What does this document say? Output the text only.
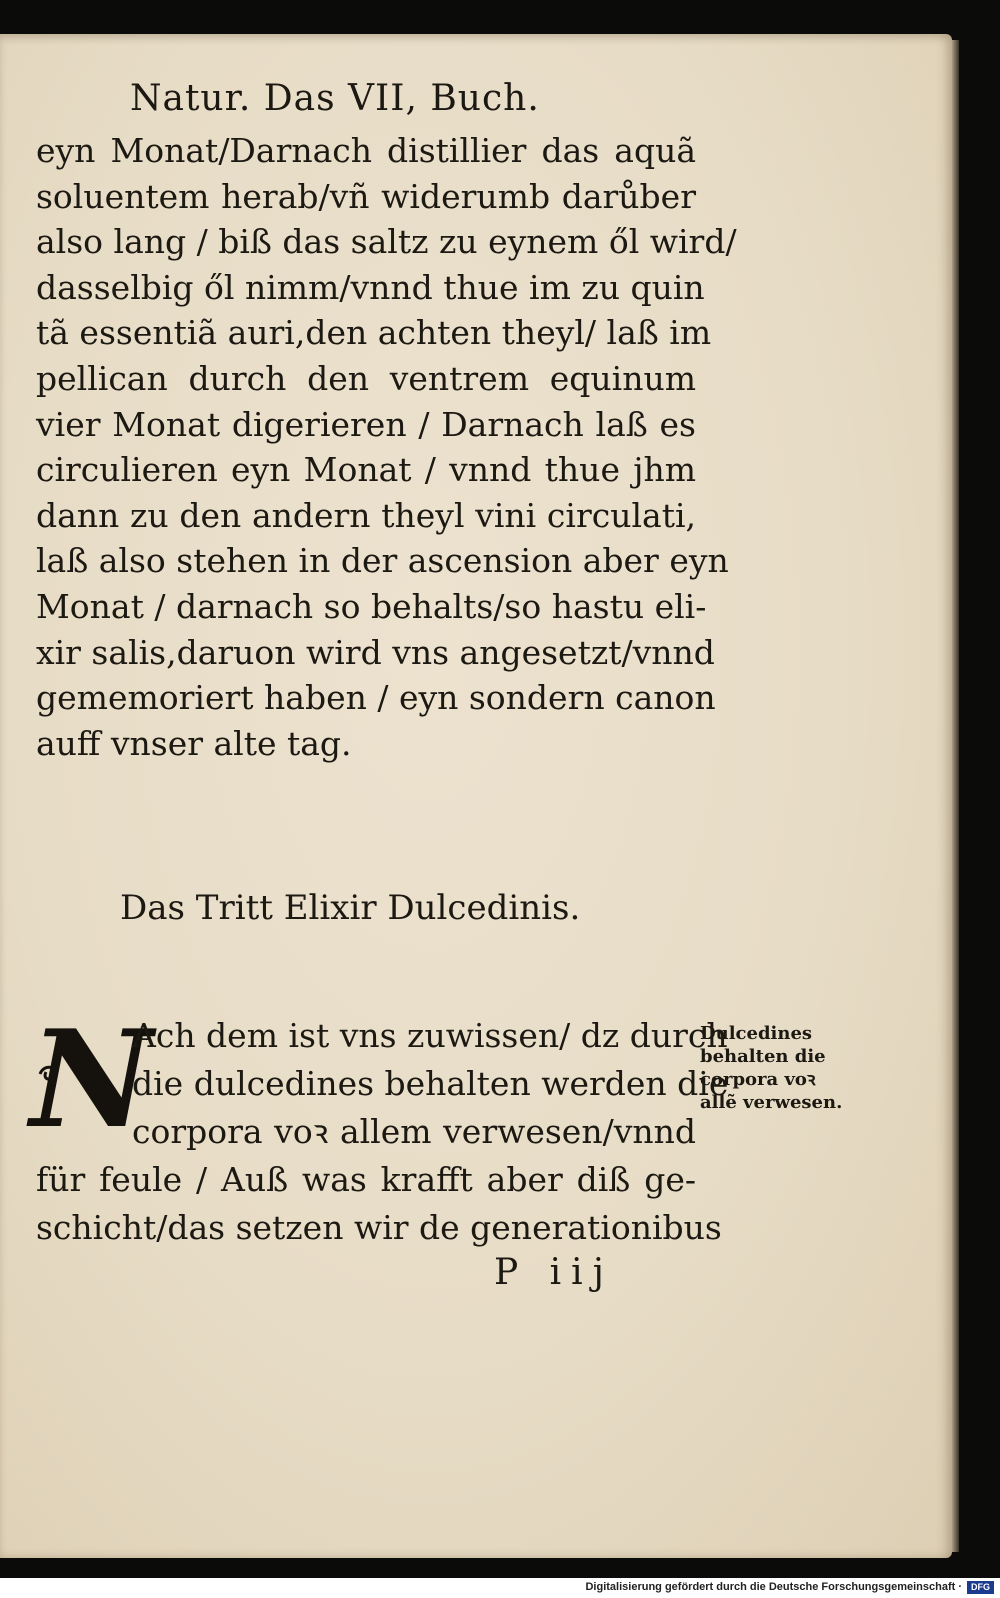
Natur. Das VII, Buch.
eyn Monat/Darnach distillier das aquã
soluentem herab/vñ widerumb darůber
also lang / biß das saltz zu eynem ől wird/
dasselbig ől nimm/vnnd thue im zu quin
tã essentiã auri,den achten theyl/ laß im
pellican durch den ventrem equinum
vier Monat digerieren / Darnach laß es
circulieren eyn Monat / vnnd thue jhm
dann zu den andern theyl vini circulati,
laß also stehen in der ascension aber eyn
Monat / darnach so behalts/so hastu eli-
xir salis,daruon wird vns angesetzt/vnnd
gememoriert haben / eyn sondern canon
auff vnser alte tag.
Das Tritt Elixir Dulcedinis.
N
Ach dem ist vns zuwissen/ dz durch
die dulcedines behalten werden die
corpora voꝛ allem verwesen/vnnd
für feule / Auß was krafft aber diß ge-
schicht/das setzen wir de generationibus
Dulcedines
behalten die
corpora voꝛ
allẽ verwesen.
P iij
Digitalisierung gefördert durch die Deutsche Forschungsgemeinschaft ·	DFG
